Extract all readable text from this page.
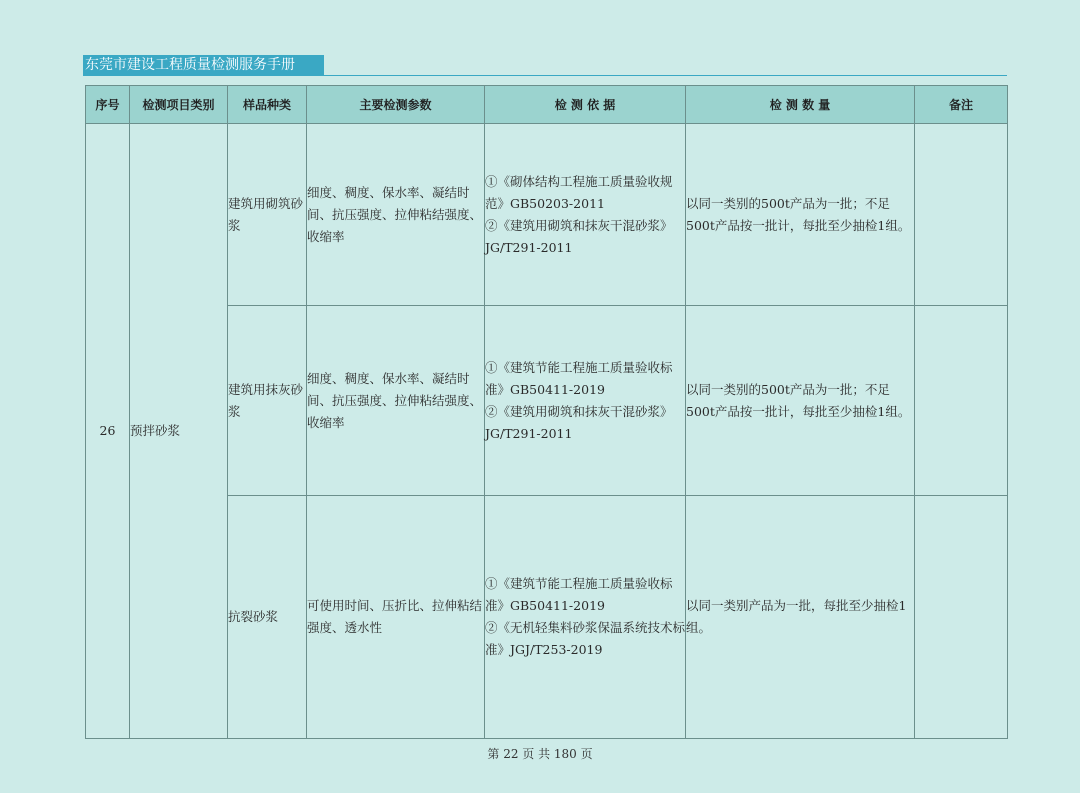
东莞市建设工程质量检测服务手册
序号	检测项目类别	样品种类	主要检测参数	检 测 依 据	检 测 数 量	备注
26	预拌砂浆	建筑用砌筑砂浆	细度、稠度、保水率、凝结时间、抗压强度、拉伸粘结强度、收缩率	①《砌体结构工程施工质量验收规范》GB50203-2011
②《建筑用砌筑和抹灰干混砂浆》JG/T291-2011	以同一类别的500t产品为一批；不足500t产品按一批计，每批至少抽检1组。	
		建筑用抹灰砂浆	细度、稠度、保水率、凝结时间、抗压强度、拉伸粘结强度、收缩率	①《建筑节能工程施工质量验收标准》GB50411-2019
②《建筑用砌筑和抹灰干混砂浆》JG/T291-2011	以同一类别的500t产品为一批；不足500t产品按一批计，每批至少抽检1组。	
		抗裂砂浆	可使用时间、压折比、拉伸粘结强度、透水性	①《建筑节能工程施工质量验收标准》GB50411-2019
②《无机轻集料砂浆保温系统技术标准》JGJ/T253-2019	以同一类别产品为一批，每批至少抽检1组。	
第 22 页 共 180 页
